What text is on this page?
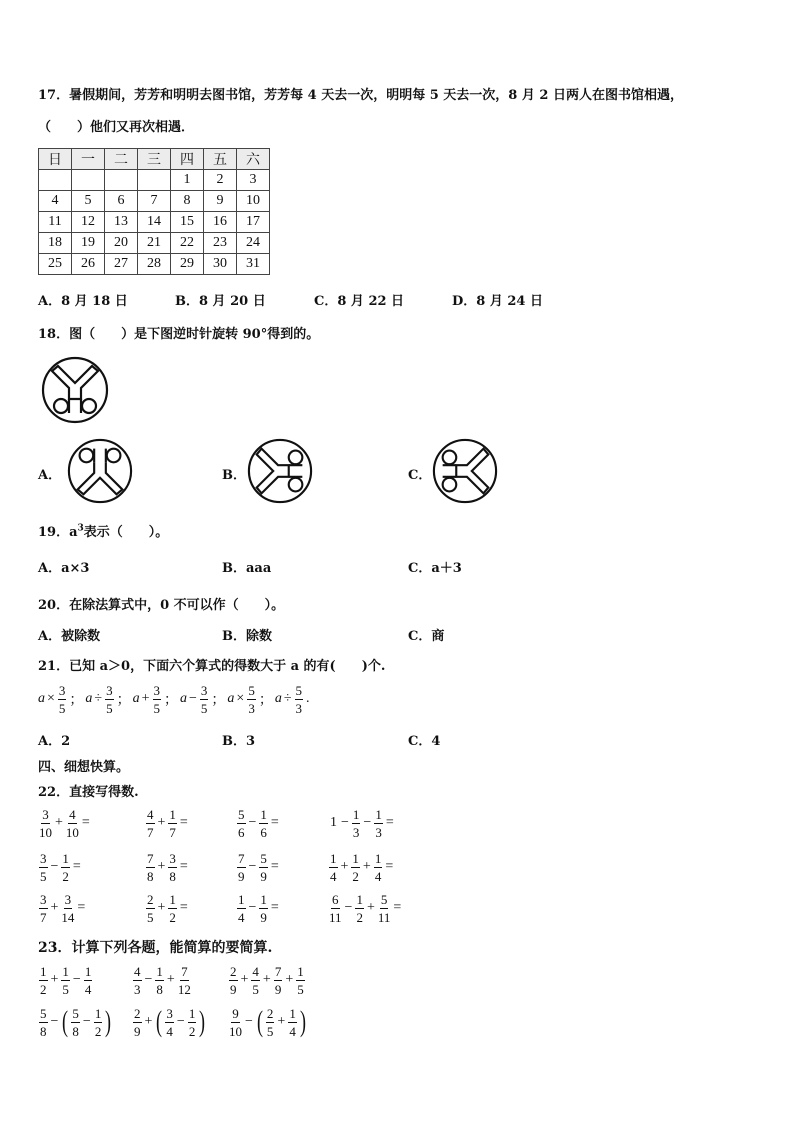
17．暑假期间，芳芳和明明去图书馆，芳芳每 4 天去一次，明明每 5 天去一次，8 月 2 日两人在图书馆相遇，
（　　）他们又再次相遇．
日	一	二	三	四	五	六
				1	2	3
4	5	6	7	8	9	10
11	12	13	14	15	16	17
18	19	20	21	22	23	24
25	26	27	28	29	30	31
A．8 月 18 日	B．8 月 20 日	C．8 月 22 日	D．8 月 24 日
18．图（　　）是下图逆时针旋转 90°得到的。
A．	B．	C．
19．$a^3$表示（　　）。
A．a×3	B．aaa	C．a＋3
20．在除法算式中，0 不可以作（　　）。
A．被除数	B．除数	C．商
21．已知 a＞0，下面六个算式的得数大于 a 的有(　　)个.
$a \times \frac{3}{5}$ ； $a \div \frac{3}{5}$ ； $a + \frac{3}{5}$ ； $a - \frac{3}{5}$ ； $a \times \frac{5}{3}$ ； $a \div \frac{5}{3}$ .
A．2	B．3	C．4
四、细想快算。
22．直接写得数.
$\frac{3}{10} + \frac{4}{10}$ =	$\frac{4}{7} + \frac{1}{7}$ =	$\frac{5}{6} - \frac{1}{6}$ =	$1 - \frac{1}{3} - \frac{1}{3}$ =
$\frac{3}{5} - \frac{1}{2}$ =	$\frac{7}{8} + \frac{3}{8}$ =	$\frac{7}{9} - \frac{5}{9}$ =	$\frac{1}{4} + \frac{1}{2} + \frac{1}{4}$ =
$\frac{3}{7} + \frac{3}{14}$ =	$\frac{2}{5} + \frac{1}{2}$ =	$\frac{1}{4} - \frac{1}{9}$ =	$\frac{6}{11} - \frac{1}{2} + \frac{5}{11}$ =
23．计算下列各题，能简算的要简算.
$\frac{1}{2} + \frac{1}{5} - \frac{1}{4}$	$\frac{4}{3} - \frac{1}{8} + \frac{7}{12}$	$\frac{2}{9} + \frac{4}{5} + \frac{7}{9} + \frac{1}{5}$
$\frac{5}{8}$ − ( $\frac{5}{8} - \frac{1}{2}$ ) $\frac{2}{9}$ + ( $\frac{3}{4} - \frac{1}{2}$ ) $\frac{9}{10}$ − ( $\frac{2}{5} + \frac{1}{4}$ )
